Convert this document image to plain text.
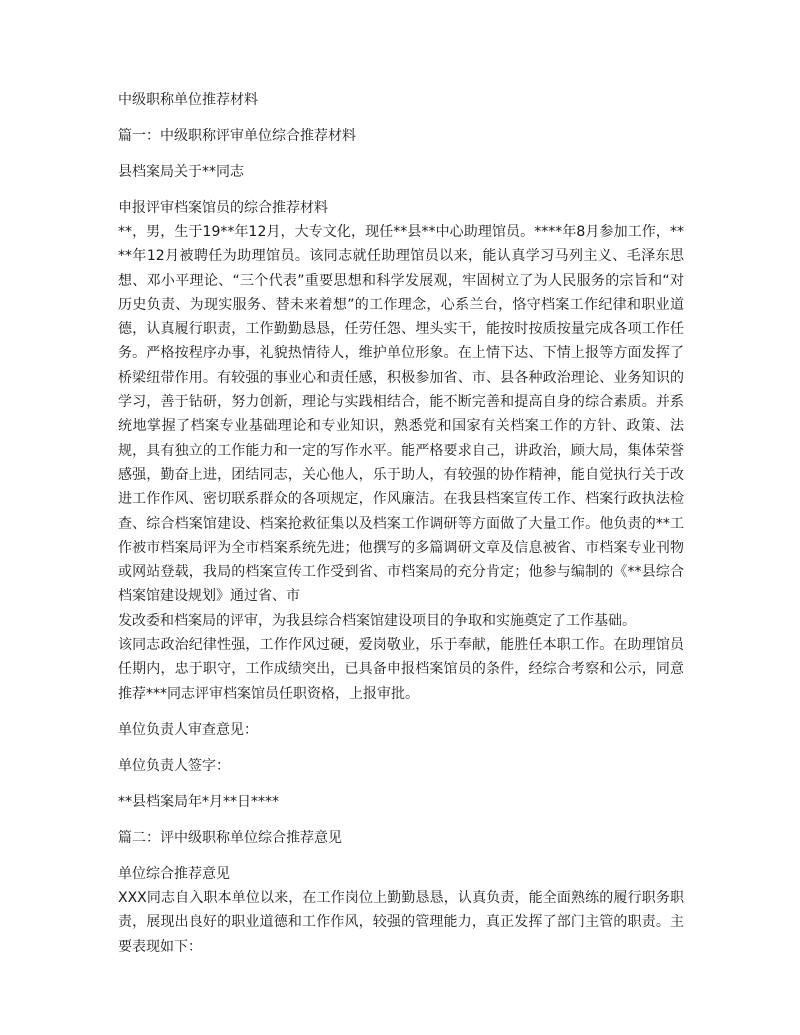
中级职称单位推荐材料

篇一：中级职称评审单位综合推荐材料

县档案局关于**同志

申报评审档案馆员的综合推荐材料

**，男，生于19**年12月，大专文化，现任**县**中心助理馆员。****年8月参加工作，****年12月被聘任为助理馆员。该同志就任助理馆员以来，能认真学习马列主义、毛泽东思想、邓小平理论、“三个代表”重要思想和科学发展观，牢固树立了为人民服务的宗旨和“对历史负责、为现实服务、替未来着想”的工作理念，心系兰台，恪守档案工作纪律和职业道德，认真履行职责，工作勤勤恳恳，任劳任怨、埋头实干，能按时按质按量完成各项工作任务。严格按程序办事，礼貌热情待人，维护单位形象。在上情下达、下情上报等方面发挥了桥梁纽带作用。有较强的事业心和责任感，积极参加省、市、县各种政治理论、业务知识的学习，善于钻研，努力创新，理论与实践相结合，能不断完善和提高自身的综合素质。并系统地掌握了档案专业基础理论和专业知识，熟悉党和国家有关档案工作的方针、政策、法规，具有独立的工作能力和一定的写作水平。能严格要求自己，讲政治，顾大局，集体荣誉感强，勤奋上进，团结同志，关心他人，乐于助人，有较强的协作精神，能自觉执行关于改进工作作风、密切联系群众的各项规定，作风廉洁。在我县档案宣传工作、档案行政执法检查、综合档案馆建设、档案抢救征集以及档案工作调研等方面做了大量工作。他负责的**工作被市档案局评为全市档案系统先进；他撰写的多篇调研文章及信息被省、市档案专业刊物或网站登载，我局的档案宣传工作受到省、市档案局的充分肯定；他参与编制的《**县综合档案馆建设规划》通过省、市

发改委和档案局的评审，为我县综合档案馆建设项目的争取和实施奠定了工作基础。

该同志政治纪律性强，工作作风过硬，爱岗敬业，乐于奉献，能胜任本职工作。在助理馆员任期内，忠于职守，工作成绩突出，已具备申报档案馆员的条件，经综合考察和公示，同意推荐***同志评审档案馆员任职资格，上报审批。

单位负责人审查意见：

单位负责人签字：

**县档案局年*月**日****

篇二：评中级职称单位综合推荐意见

单位综合推荐意见

XXX同志自入职本单位以来，在工作岗位上勤勤恳恳，认真负责，能全面熟练的履行职务职责，展现出良好的职业道德和工作作风，较强的管理能力，真正发挥了部门主管的职责。主要表现如下：
